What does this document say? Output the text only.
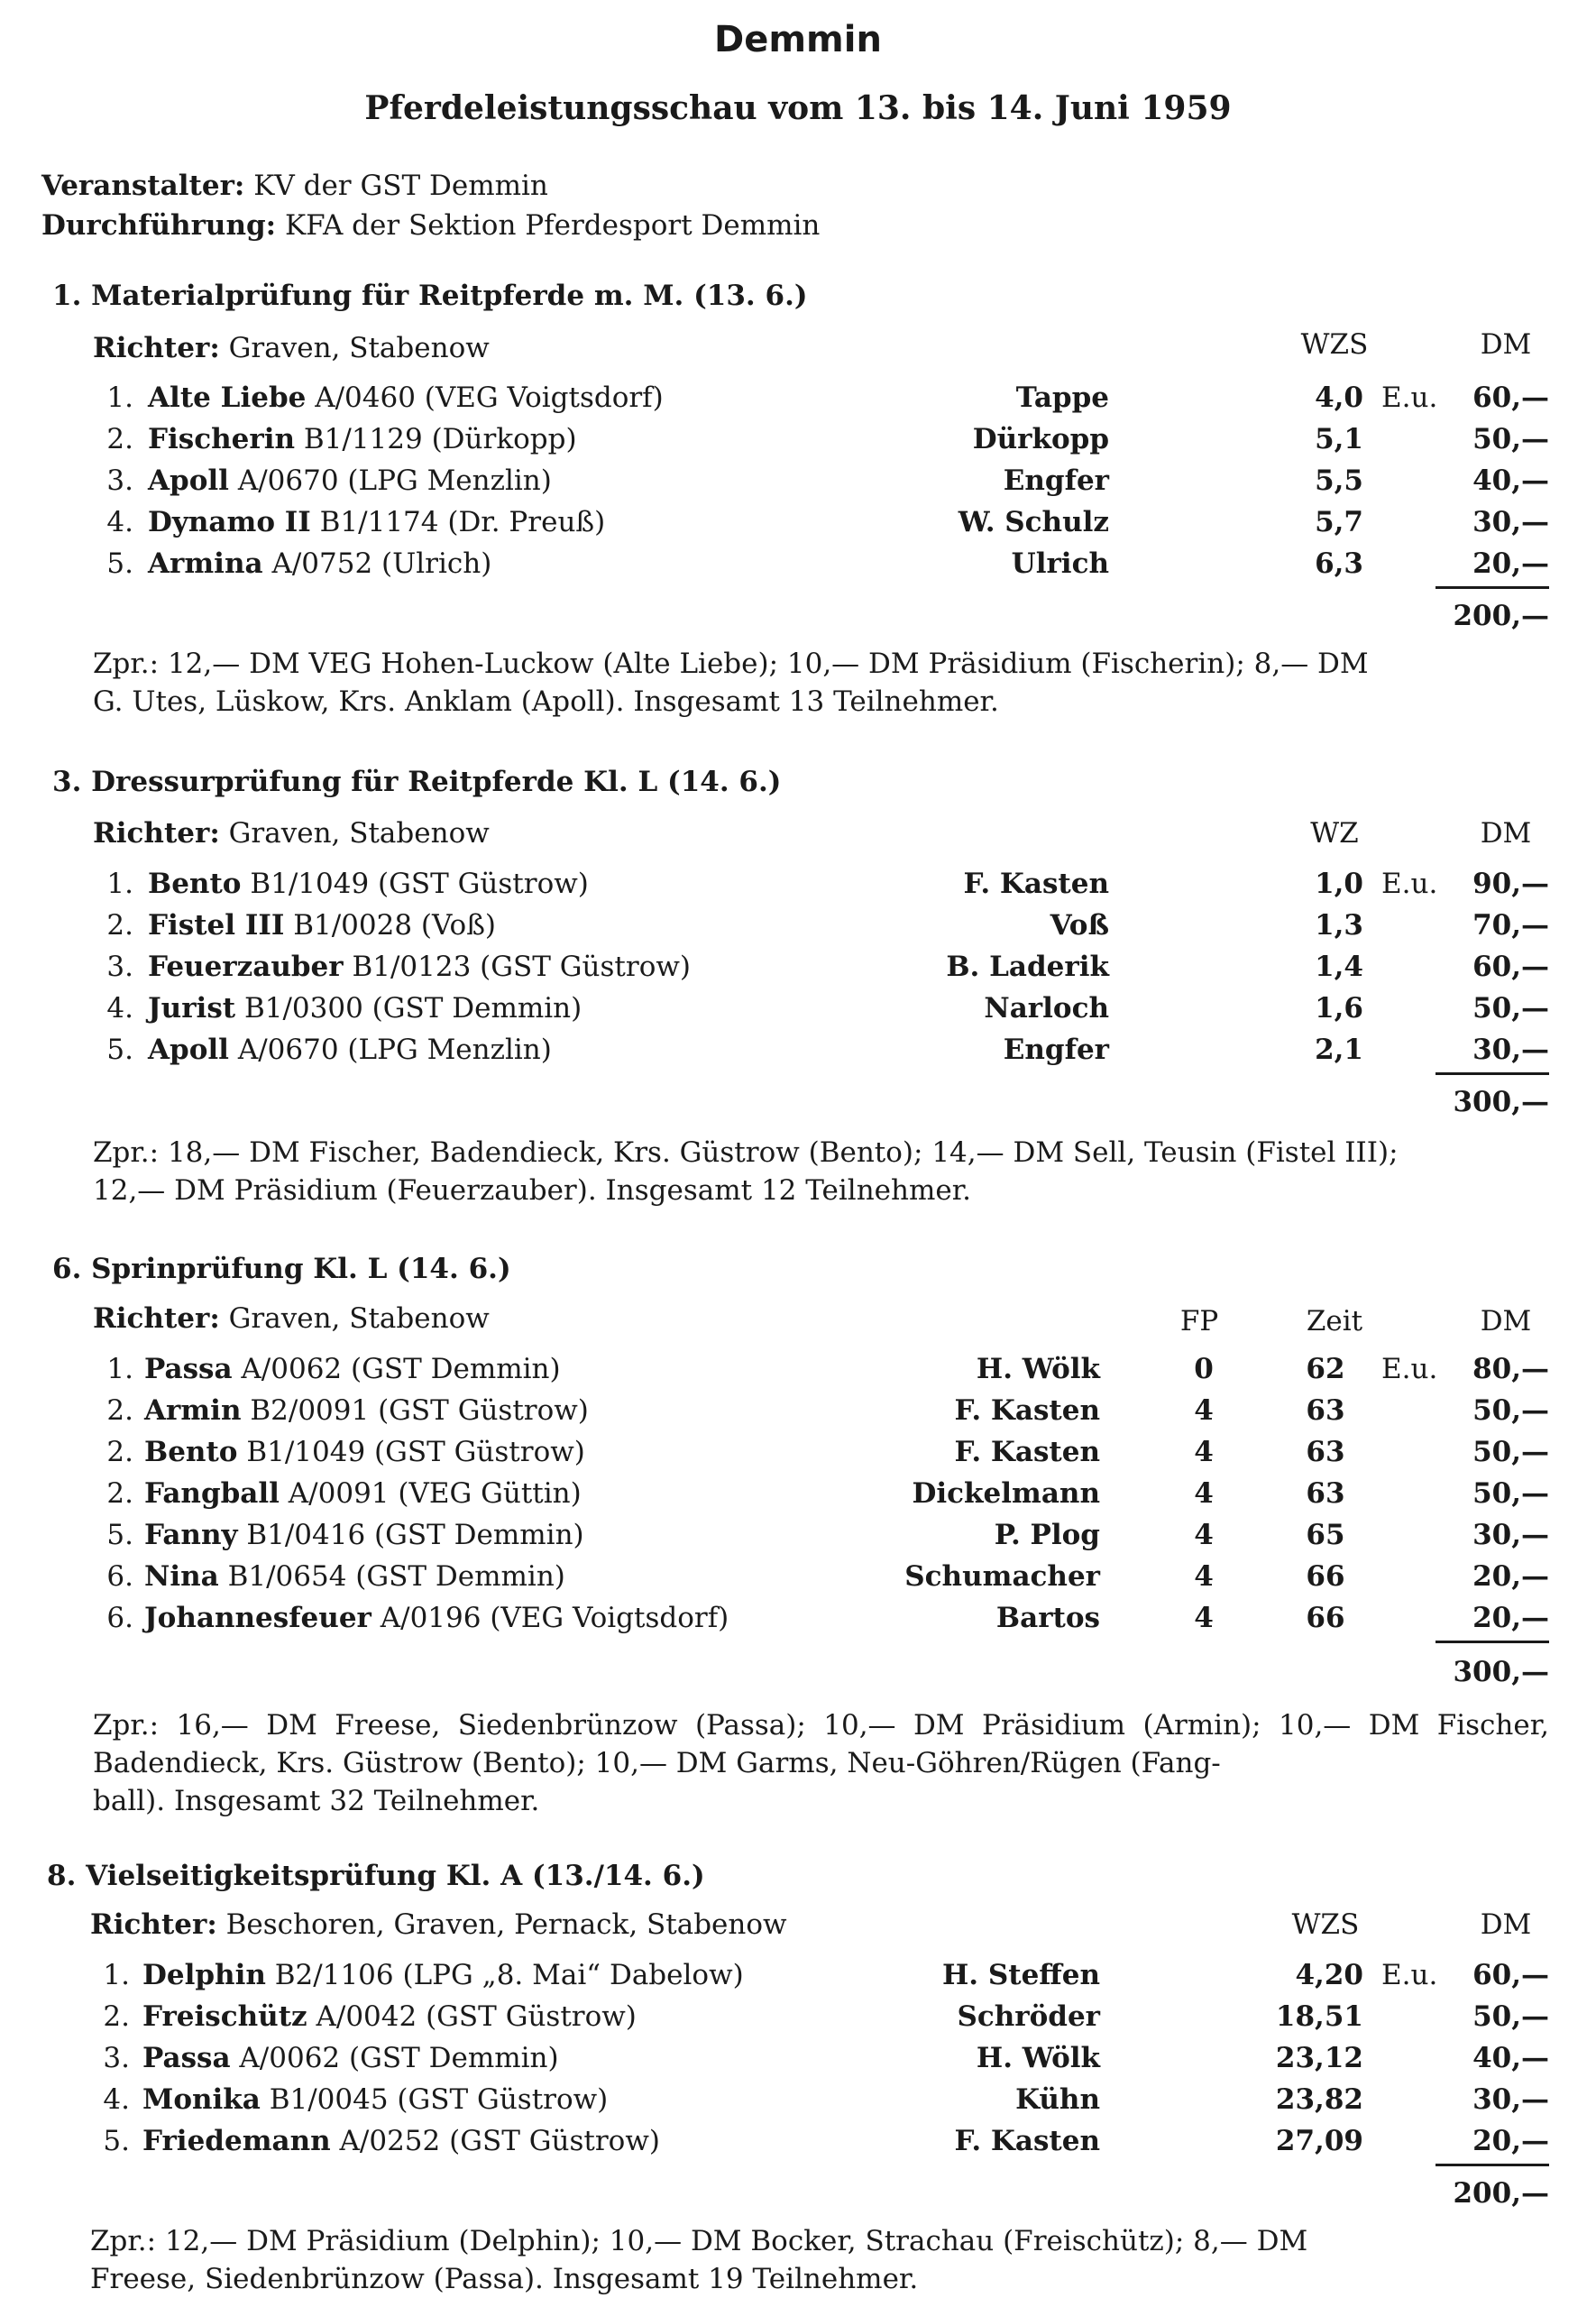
Demmin
Pferdeleistungsschau vom 13. bis 14. Juni 1959
Veranstalter: KV der GST Demmin
Durchführung: KFA der Sektion Pferdesport Demmin
1. Materialprüfung für Reitpferde m. M. (13. 6.)
Richter: Graven, Stabenow	WZS	DM
1. Alte Liebe A/0460 (VEG Voigtsdorf)	Tappe	4,0 E.u.	60,—
2. Fischerin B1/1129 (Dürkopp)	Dürkopp	5,1	50,—
3. Apoll A/0670 (LPG Menzlin)	Engfer	5,5	40,—
4. Dynamo II B1/1174 (Dr. Preuß)	W. Schulz	5,7	30,—
5. Armina A/0752 (Ulrich)	Ulrich	6,3	20,—
200,—
Zpr.: 12,— DM VEG Hohen-Luckow (Alte Liebe); 10,— DM Präsidium (Fischerin); 8,— DM
G. Utes, Lüskow, Krs. Anklam (Apoll). Insgesamt 13 Teilnehmer.
3. Dressurprüfung für Reitpferde Kl. L (14. 6.)
Richter: Graven, Stabenow	WZ	DM
1. Bento B1/1049 (GST Güstrow)	F. Kasten	1,0 E.u.	90,—
2. Fistel III B1/0028 (Voß)	Voß	1,3	70,—
3. Feuerzauber B1/0123 (GST Güstrow)	B. Laderik	1,4	60,—
4. Jurist B1/0300 (GST Demmin)	Narloch	1,6	50,—
5. Apoll A/0670 (LPG Menzlin)	Engfer	2,1	30,—
300,—
Zpr.: 18,— DM Fischer, Badendieck, Krs. Güstrow (Bento); 14,— DM Sell, Teusin (Fistel III);
12,— DM Präsidium (Feuerzauber). Insgesamt 12 Teilnehmer.
6. Sprinprüfung Kl. L (14. 6.)
Richter: Graven, Stabenow	FP	Zeit	DM
1. Passa A/0062 (GST Demmin)	H. Wölk	0	62	E.u.	80,—
2. Armin B2/0091 (GST Güstrow)	F. Kasten	4	63	50,—
2. Bento B1/1049 (GST Güstrow)	F. Kasten	4	63	50,—
2. Fangball A/0091 (VEG Güttin)	Dickelmann	4	63	50,—
5. Fanny B1/0416 (GST Demmin)	P. Plog	4	65	30,—
6. Nina B1/0654 (GST Demmin)	Schumacher	4	66	20,—
6. Johannesfeuer A/0196 (VEG Voigtsdorf)	Bartos	4	66	20,—
300,—
Zpr.: 16,— DM Freese, Siedenbrünzow (Passa); 10,— DM Präsidium (Armin); 10,— DM Fischer, Badendieck, Krs. Güstrow (Bento); 10,— DM Garms, Neu-Göhren/Rügen (Fang-
ball). Insgesamt 32 Teilnehmer.
8. Vielseitigkeitsprüfung Kl. A (13./14. 6.)
Richter: Beschoren, Graven, Pernack, Stabenow	WZS	DM
1. Delphin B2/1106 (LPG „8. Mai“ Dabelow)	H. Steffen	4,20 E.u.	60,—
2. Freischütz A/0042 (GST Güstrow)	Schröder	18,51	50,—
3. Passa A/0062 (GST Demmin)	H. Wölk	23,12	40,—
4. Monika B1/0045 (GST Güstrow)	Kühn	23,82	30,—
5. Friedemann A/0252 (GST Güstrow)	F. Kasten	27,09	20,—
200,—
Zpr.: 12,— DM Präsidium (Delphin); 10,— DM Bocker, Strachau (Freischütz); 8,— DM
Freese, Siedenbrünzow (Passa). Insgesamt 19 Teilnehmer.
